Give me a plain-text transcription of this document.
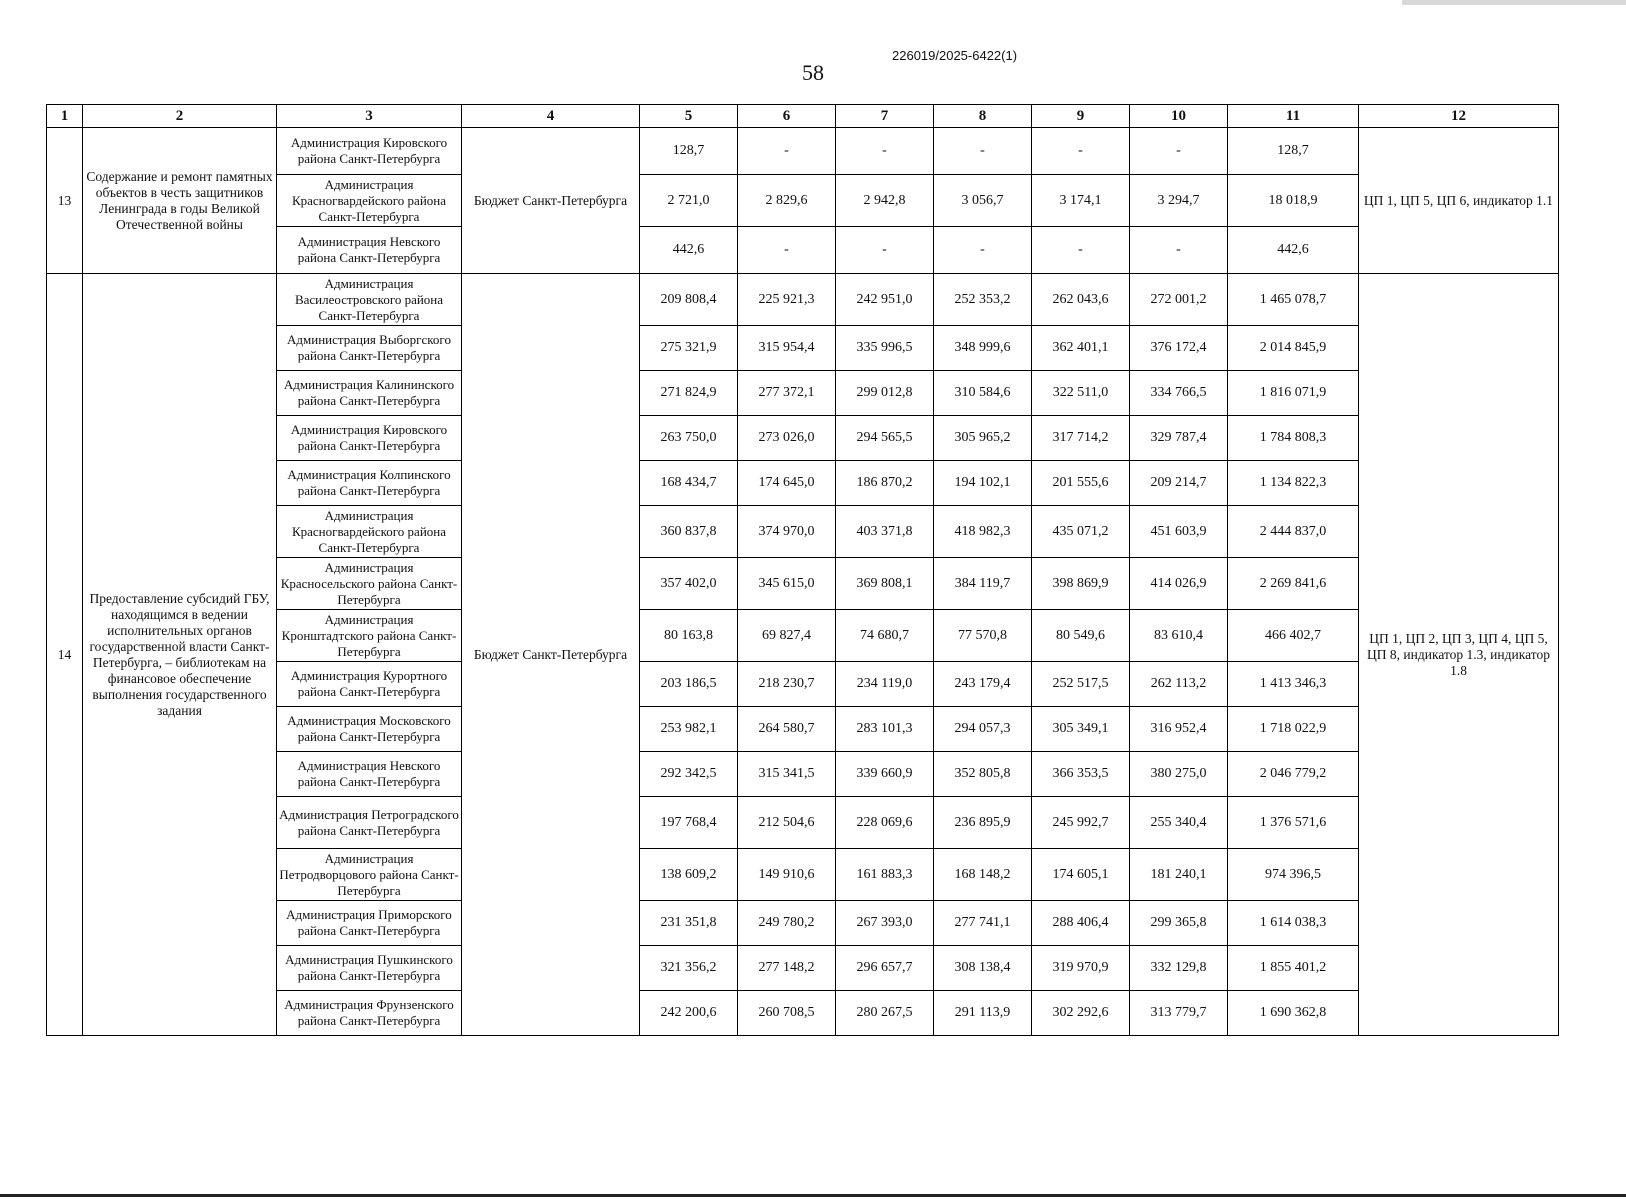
226019/2025-6422(1)
58
1	2	3	4	5	6	7	8	9	10	11	12
13	Содержание и ремонт памятных объектов в честь защитников Ленинграда в годы Великой Отечественной войны	Администрация Кировского района Санкт-Петербурга	Бюджет Санкт-Петербурга	128,7	-	-	-	-	-	128,7	ЦП 1, ЦП 5, ЦП 6, индикатор 1.1
		Администрация Красногвардейского района Санкт-Петербурга		2 721,0	2 829,6	2 942,8	3 056,7	3 174,1	3 294,7	18 018,9	
		Администрация Невского района Санкт-Петербурга		442,6	-	-	-	-	-	442,6	
14	Предоставление субсидий ГБУ, находящимся в ведении исполнительных органов государственной власти Санкт-Петербурга, – библиотекам на финансовое обеспечение выполнения государственного задания	Администрация Василеостровского района Санкт-Петербурга	Бюджет Санкт-Петербурга	209 808,4	225 921,3	242 951,0	252 353,2	262 043,6	272 001,2	1 465 078,7	ЦП 1, ЦП 2, ЦП 3, ЦП 4, ЦП 5, ЦП 8, индикатор 1.3, индикатор 1.8
		Администрация Выборгского района Санкт-Петербурга		275 321,9	315 954,4	335 996,5	348 999,6	362 401,1	376 172,4	2 014 845,9	
		Администрация Калининского района Санкт-Петербурга		271 824,9	277 372,1	299 012,8	310 584,6	322 511,0	334 766,5	1 816 071,9	
		Администрация Кировского района Санкт-Петербурга		263 750,0	273 026,0	294 565,5	305 965,2	317 714,2	329 787,4	1 784 808,3	
		Администрация Колпинского района Санкт-Петербурга		168 434,7	174 645,0	186 870,2	194 102,1	201 555,6	209 214,7	1 134 822,3	
		Администрация Красногвардейского района Санкт-Петербурга		360 837,8	374 970,0	403 371,8	418 982,3	435 071,2	451 603,9	2 444 837,0	
		Администрация Красносельского района Санкт-Петербурга		357 402,0	345 615,0	369 808,1	384 119,7	398 869,9	414 026,9	2 269 841,6	
		Администрация Кронштадтского района Санкт-Петербурга		80 163,8	69 827,4	74 680,7	77 570,8	80 549,6	83 610,4	466 402,7	
		Администрация Курортного района Санкт-Петербурга		203 186,5	218 230,7	234 119,0	243 179,4	252 517,5	262 113,2	1 413 346,3	
		Администрация Московского района Санкт-Петербурга		253 982,1	264 580,7	283 101,3	294 057,3	305 349,1	316 952,4	1 718 022,9	
		Администрация Невского района Санкт-Петербурга		292 342,5	315 341,5	339 660,9	352 805,8	366 353,5	380 275,0	2 046 779,2	
		Администрация Петроградского района Санкт-Петербурга		197 768,4	212 504,6	228 069,6	236 895,9	245 992,7	255 340,4	1 376 571,6	
		Администрация Петродворцового района Санкт-Петербурга		138 609,2	149 910,6	161 883,3	168 148,2	174 605,1	181 240,1	974 396,5	
		Администрация Приморского района Санкт-Петербурга		231 351,8	249 780,2	267 393,0	277 741,1	288 406,4	299 365,8	1 614 038,3	
		Администрация Пушкинского района Санкт-Петербурга		321 356,2	277 148,2	296 657,7	308 138,4	319 970,9	332 129,8	1 855 401,2	
		Администрация Фрунзенского района Санкт-Петербурга		242 200,6	260 708,5	280 267,5	291 113,9	302 292,6	313 779,7	1 690 362,8	
